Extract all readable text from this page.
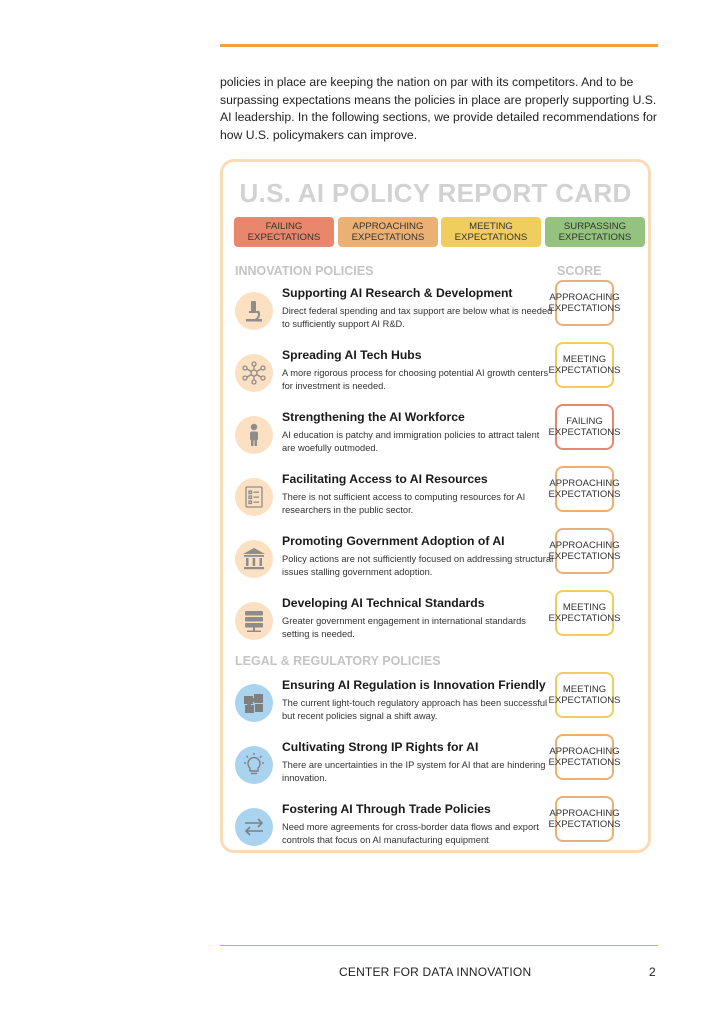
policies in place are keeping the nation on par with its competitors. And to be surpassing expectations means the policies in place are properly supporting U.S. AI leadership. In the following sections, we provide detailed recommendations for how U.S. policymakers can improve.
U.S. AI POLICY REPORT CARD
FAILING
EXPECTATIONS
APPROACHING
EXPECTATIONS
MEETING
EXPECTATIONS
SURPASSING
EXPECTATIONS
INNOVATION POLICIES	SCORE
Supporting AI Research & Development
Direct federal spending and tax support are below what is needed to sufficiently support AI R&D.
APPROACHING
EXPECTATIONS
Spreading AI Tech Hubs
A more rigorous process for choosing potential AI growth centers for investment is needed.
MEETING
EXPECTATIONS
Strengthening the AI Workforce
AI education is patchy and immigration policies to attract talent are woefully outmoded.
FAILING
EXPECTATIONS
Facilitating Access to AI Resources
There is not sufficient access to computing resources for AI researchers in the public sector.
APPROACHING
EXPECTATIONS
Promoting Government Adoption of AI
Policy actions are not sufficiently focused on addressing structural issues stalling government adoption.
APPROACHING
EXPECTATIONS
Developing AI Technical Standards
Greater government engagement in international standards setting is needed.
MEETING
EXPECTATIONS
LEGAL & REGULATORY POLICIES
Ensuring AI Regulation is Innovation Friendly
The current light-touch regulatory approach has been successful but recent policies signal a shift away.
MEETING
EXPECTATIONS
Cultivating Strong IP Rights for AI
There are uncertainties in the IP system for AI that are hindering innovation.
APPROACHING
EXPECTATIONS
Fostering AI Through Trade Policies
Need more agreements for cross-border data flows and export controls that focus on AI manufacturing equipment
APPROACHING
EXPECTATIONS
CENTER FOR DATA INNOVATION	2
